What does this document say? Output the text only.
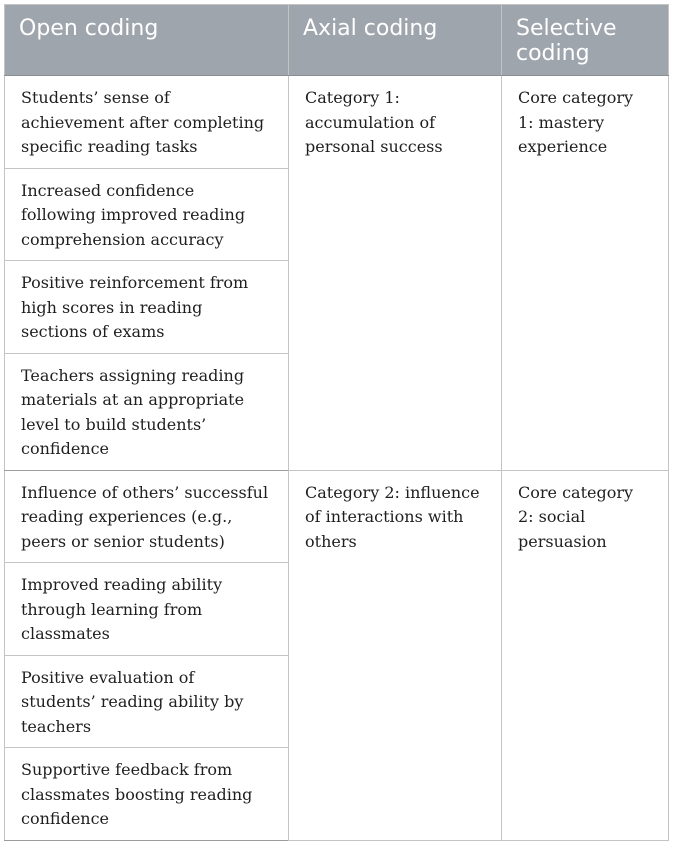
Open coding	Axial coding	Selective coding
Students’ sense of achievement after completing specific reading tasks	Category 1: accumulation of personal success	Core category 1: mastery experience
Increased confidence following improved reading comprehension accuracy		
Positive reinforcement from high scores in reading sections of exams		
Teachers assigning reading materials at an appropriate level to build students’ confidence		
Influence of others’ successful reading experiences (e.g., peers or senior students)	Category 2: influence of interactions with others	Core category 2: social persuasion
Improved reading ability through learning from classmates		
Positive evaluation of students’ reading ability by teachers		
Supportive feedback from classmates boosting reading confidence		
